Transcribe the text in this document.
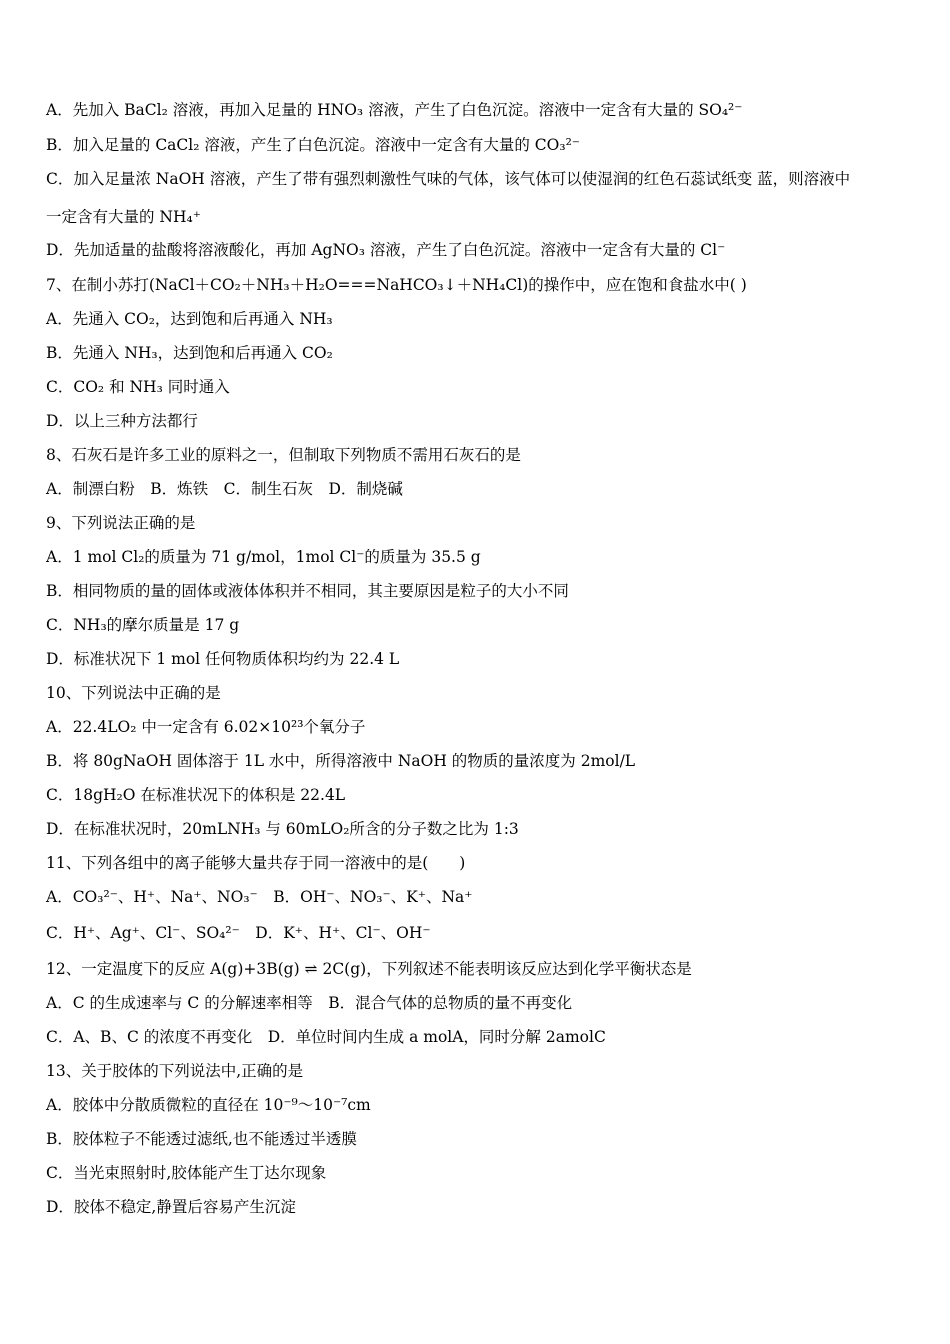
A．先加入 BaCl₂ 溶液，再加入足量的 HNO₃ 溶液，产生了白色沉淀。溶液中一定含有大量的 SO₄²⁻
B．加入足量的 CaCl₂ 溶液，产生了白色沉淀。溶液中一定含有大量的 CO₃²⁻
C．加入足量浓 NaOH 溶液，产生了带有强烈刺激性气味的气体，该气体可以使湿润的红色石蕊试纸变 蓝，则溶液中
一定含有大量的 NH₄⁺
D．先加适量的盐酸将溶液酸化，再加 AgNO₃ 溶液，产生了白色沉淀。溶液中一定含有大量的 Cl⁻
7、在制小苏打(NaCl＋CO₂＋NH₃＋H₂O===NaHCO₃↓＋NH₄Cl)的操作中，应在饱和食盐水中( )
A．先通入 CO₂，达到饱和后再通入 NH₃
B．先通入 NH₃，达到饱和后再通入 CO₂
C．CO₂ 和 NH₃ 同时通入
D．以上三种方法都行
8、石灰石是许多工业的原料之一，但制取下列物质不需用石灰石的是
A．制漂白粉　B．炼铁　C．制生石灰　D．制烧碱
9、下列说法正确的是
A．1 mol Cl₂的质量为 71 g/mol，1mol Cl⁻的质量为 35.5 g
B．相同物质的量的固体或液体体积并不相同，其主要原因是粒子的大小不同
C．NH₃的摩尔质量是 17 g
D．标准状况下 1 mol 任何物质体积均约为 22.4 L
10、下列说法中正确的是
A．22.4LO₂ 中一定含有 6.02×10²³个氧分子
B．将 80gNaOH 固体溶于 1L 水中，所得溶液中 NaOH 的物质的量浓度为 2mol/L
C．18gH₂O 在标准状况下的体积是 22.4L
D．在标准状况时，20mLNH₃ 与 60mLO₂所含的分子数之比为 1:3
11、下列各组中的离子能够大量共存于同一溶液中的是(　　)
A．CO₃²⁻、H⁺、Na⁺、NO₃⁻　B．OH⁻、NO₃⁻、K⁺、Na⁺
C．H⁺、Ag⁺、Cl⁻、SO₄²⁻　D．K⁺、H⁺、Cl⁻、OH⁻
12、一定温度下的反应 A(g)+3B(g) ⇌ 2C(g)，下列叙述不能表明该反应达到化学平衡状态是
A．C 的生成速率与 C 的分解速率相等　B．混合气体的总物质的量不再变化
C．A、B、C 的浓度不再变化　D．单位时间内生成 a molA，同时分解 2amolC
13、关于胶体的下列说法中,正确的是
A．胶体中分散质微粒的直径在 10⁻⁹～10⁻⁷cm
B．胶体粒子不能透过滤纸,也不能透过半透膜
C．当光束照射时,胶体能产生丁达尔现象
D．胶体不稳定,静置后容易产生沉淀
